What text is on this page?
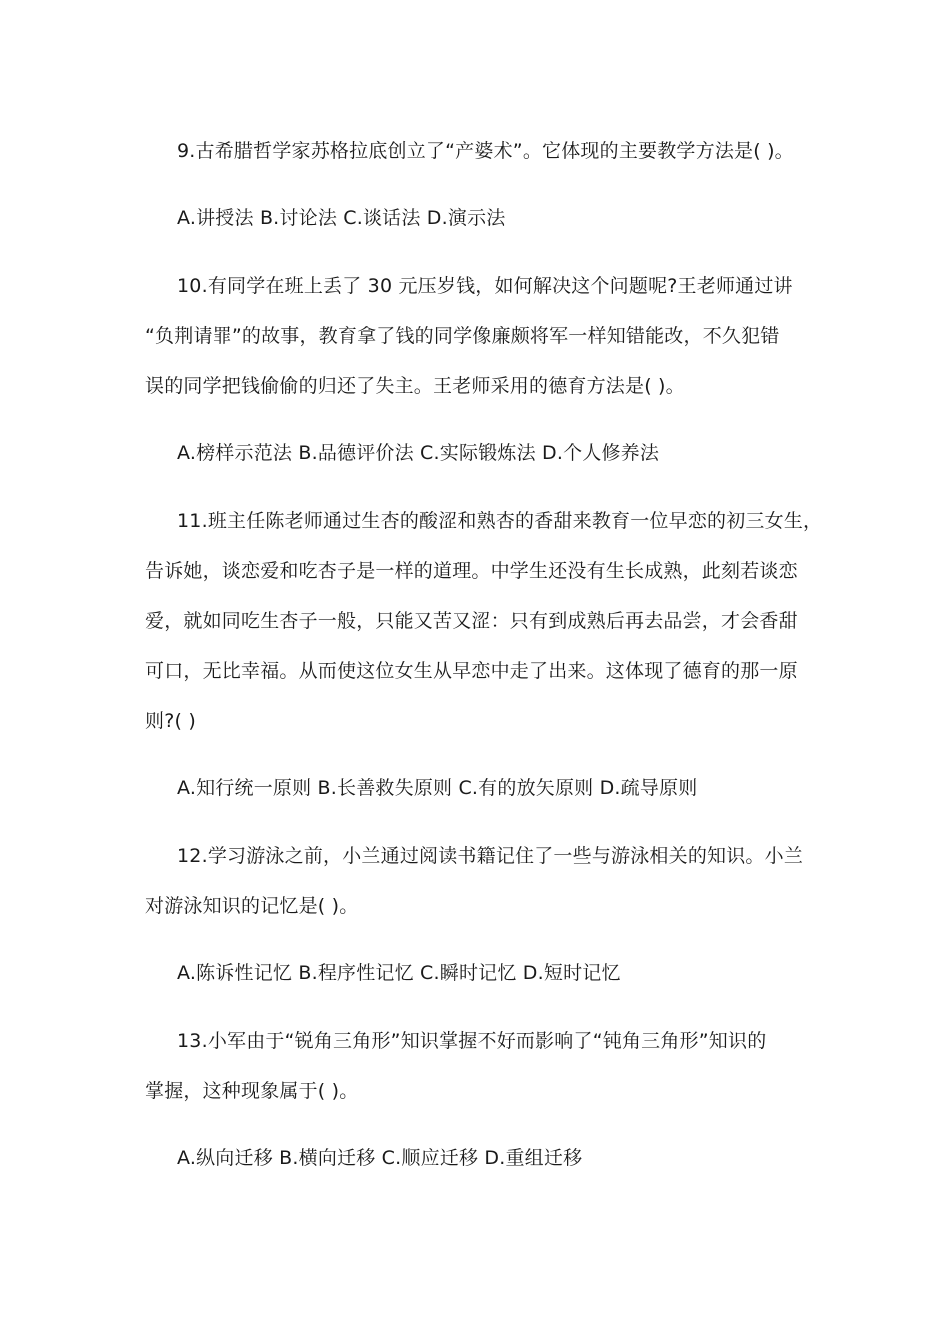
9.古希腊哲学家苏格拉底创立了“产婆术”。它体现的主要教学方法是( )。
A.讲授法 B.讨论法 C.谈话法 D.演示法
10.有同学在班上丢了 30 元压岁钱，如何解决这个问题呢?王老师通过讲
“负荆请罪”的故事，教育拿了钱的同学像廉颇将军一样知错能改，不久犯错
误的同学把钱偷偷的归还了失主。王老师采用的德育方法是( )。
A.榜样示范法 B.品德评价法 C.实际锻炼法 D.个人修养法
11.班主任陈老师通过生杏的酸涩和熟杏的香甜来教育一位早恋的初三女生，
告诉她，谈恋爱和吃杏子是一样的道理。中学生还没有生长成熟，此刻若谈恋
爱，就如同吃生杏子一般，只能又苦又涩：只有到成熟后再去品尝，才会香甜
可口，无比幸福。从而使这位女生从早恋中走了出来。这体现了德育的那一原
则?( )
A.知行统一原则 B.长善救失原则 C.有的放矢原则 D.疏导原则
12.学习游泳之前，小兰通过阅读书籍记住了一些与游泳相关的知识。小兰
对游泳知识的记忆是( )。
A.陈诉性记忆 B.程序性记忆 C.瞬时记忆 D.短时记忆
13.小军由于“锐角三角形”知识掌握不好而影响了“钝角三角形”知识的
掌握，这种现象属于( )。
A.纵向迁移 B.横向迁移 C.顺应迁移 D.重组迁移
